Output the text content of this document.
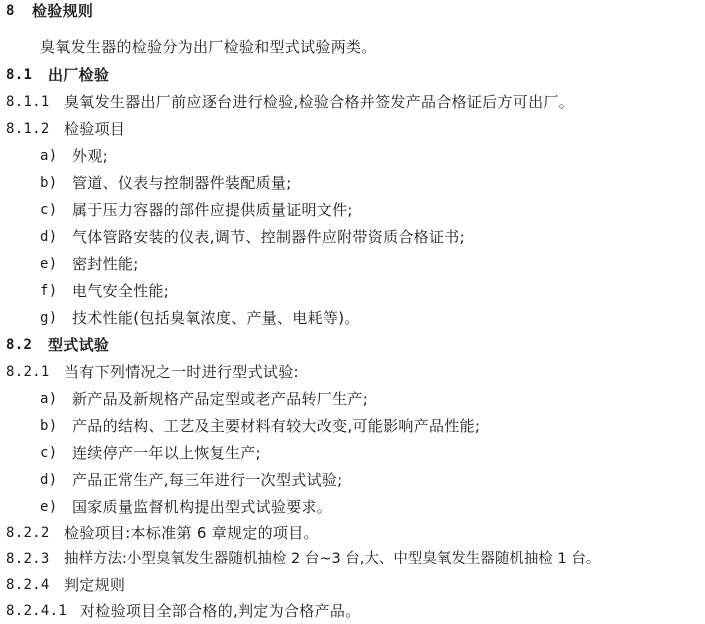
8 检验规则
臭氧发生器的检验分为出厂检验和型式试验两类。
8.1 出厂检验
8.1.1 臭氧发生器出厂前应逐台进行检验,检验合格并签发产品合格证后方可出厂。
8.1.2 检验项目
a) 外观;
b) 管道、仪表与控制器件装配质量;
c) 属于压力容器的部件应提供质量证明文件;
d) 气体管路安装的仪表,调节、控制器件应附带资质合格证书;
e) 密封性能;
f) 电气安全性能;
g) 技术性能(包括臭氧浓度、产量、电耗等)。
8.2 型式试验
8.2.1 当有下列情况之一时进行型式试验:
a) 新产品及新规格产品定型或老产品转厂生产;
b) 产品的结构、工艺及主要材料有较大改变,可能影响产品性能;
c) 连续停产一年以上恢复生产;
d) 产品正常生产,每三年进行一次型式试验;
e) 国家质量监督机构提出型式试验要求。
8.2.2 检验项目:本标准第 6 章规定的项目。
8.2.3 抽样方法:小型臭氧发生器随机抽检 2 台~3 台,大、中型臭氧发生器随机抽检 1 台。
8.2.4 判定规则
8.2.4.1 对检验项目全部合格的,判定为合格产品。
